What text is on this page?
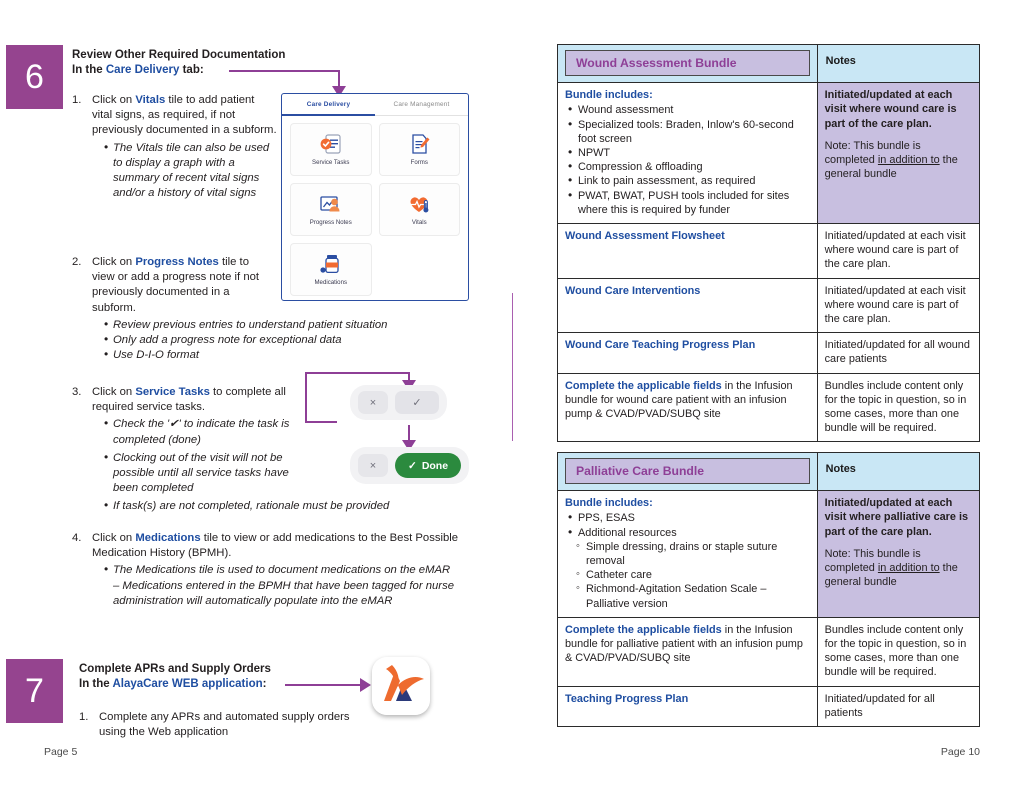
6
Review Other Required Documentation
In the Care Delivery tab:
1. Click on Vitals tile to add patient vital signs, as required, if not previously documented in a subform.
• The Vitals tile can also be used to display a graph with a summary of recent vital signs and/or a history of vital signs
2. Click on Progress Notes tile to view or add a progress note if not previously documented in a subform.
• Review previous entries to understand patient situation
• Only add a progress note for exceptional data
• Use D-I-O format
3. Click on Service Tasks to complete all required service tasks.
• Check the '✔' to indicate the task is completed (done)
• Clocking out of the visit will not be possible until all service tasks have been completed
• If task(s) are not completed, rationale must be provided
4. Click on Medications tile to view or add medications to the Best Possible Medication History (BPMH).
• The Medications tile is used to document medications on the eMAR – Medications entered in the BPMH that have been tagged for nurse administration will automatically populate into the eMAR
Care Delivery	Care Management
Service Tasks	Forms
Progress Notes	Vitals
Medications
×	✓
×	✓ Done
7
Complete APRs and Supply Orders
In the AlayaCare WEB application:
1. Complete any APRs and automated supply orders using the Web application
Page 5
Wound Assessment Bundle	Notes

Bundle includes:
• Wound assessment
• Specialized tools: Braden, Inlow's 60-second foot screen
• NPWT
• Compression & offloading
• Link to pain assessment, as required
• PWAT, BWAT, PUSH tools included for sites where this is required by funder
	Initiated/updated at each visit where wound care is part of the care plan.
Note: This bundle is completed in addition to the general bundle

Wound Assessment Flowsheet	Initiated/updated at each visit where wound care is part of the care plan.
Wound Care Interventions	Initiated/updated at each visit where wound care is part of the care plan.
Wound Care Teaching Progress Plan	Initiated/updated for all wound care patients
Complete the applicable fields in the Infusion bundle for wound care patient with an infusion pump & CVAD/PVAD/SUBQ site	Bundles include content only for the topic in question, so in some cases, more than one bundle will be required.
Palliative Care Bundle	Notes

Bundle includes:
• PPS, ESAS
• Additional resources
◦ Simple dressing, drains or staple suture removal
◦ Catheter care
◦ Richmond-Agitation Sedation Scale – Palliative version
	Initiated/updated at each visit where palliative care is part of the care plan.
Note: This bundle is completed in addition to the general bundle

Complete the applicable fields in the Infusion bundle for palliative patient with an infusion pump & CVAD/PVAD/SUBQ site	Bundles include content only for the topic in question, so in some cases, more than one bundle will be required.
Teaching Progress Plan	Initiated/updated for all patients
Page 10
